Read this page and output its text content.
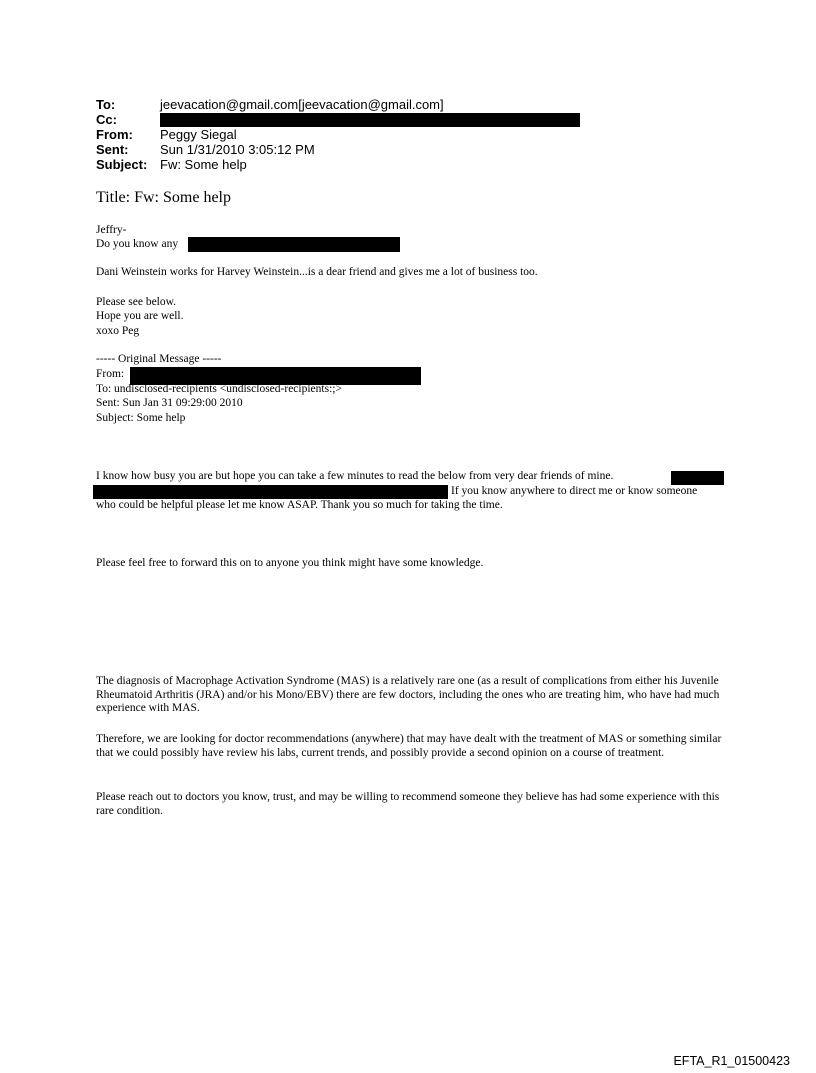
To:	jeevacation@gmail.com[jeevacation@gmail.com]
Cc:
From: Peggy Siegal
Sent: Sun 1/31/2010 3:05:12 PM
Subject: Fw: Some help
Title: Fw: Some help
Jeffry-
Do you know any
Dani Weinstein works for Harvey Weinstein...is a dear friend and gives me a lot of business too.
Please see below.
Hope you are well.
xoxo Peg
----- Original Message -----
From:
To: undisclosed-recipients <undisclosed-recipients:;>
Sent: Sun Jan 31 09:29:00 2010
Subject: Some help
I know how busy you are but hope you can take a few minutes to read the below from very dear friends of mine.
If you know anywhere to direct me or know someone
who could be helpful please let me know ASAP. Thank you so much for taking the time.
Please feel free to forward this on to anyone you think might have some knowledge.
The diagnosis of Macrophage Activation Syndrome (MAS) is a relatively rare one (as a result of complications from either his Juvenile Rheumatoid Arthritis (JRA) and/or his Mono/EBV) there are few doctors, including the ones who are treating him, who have had much experience with MAS.
Therefore, we are looking for doctor recommendations (anywhere) that may have dealt with the treatment of MAS or something similar that we could possibly have review his labs, current trends, and possibly provide a second opinion on a course of treatment.
Please reach out to doctors you know, trust, and may be willing to recommend someone they believe has had some experience with this rare condition.
EFTA_R1_01500423
